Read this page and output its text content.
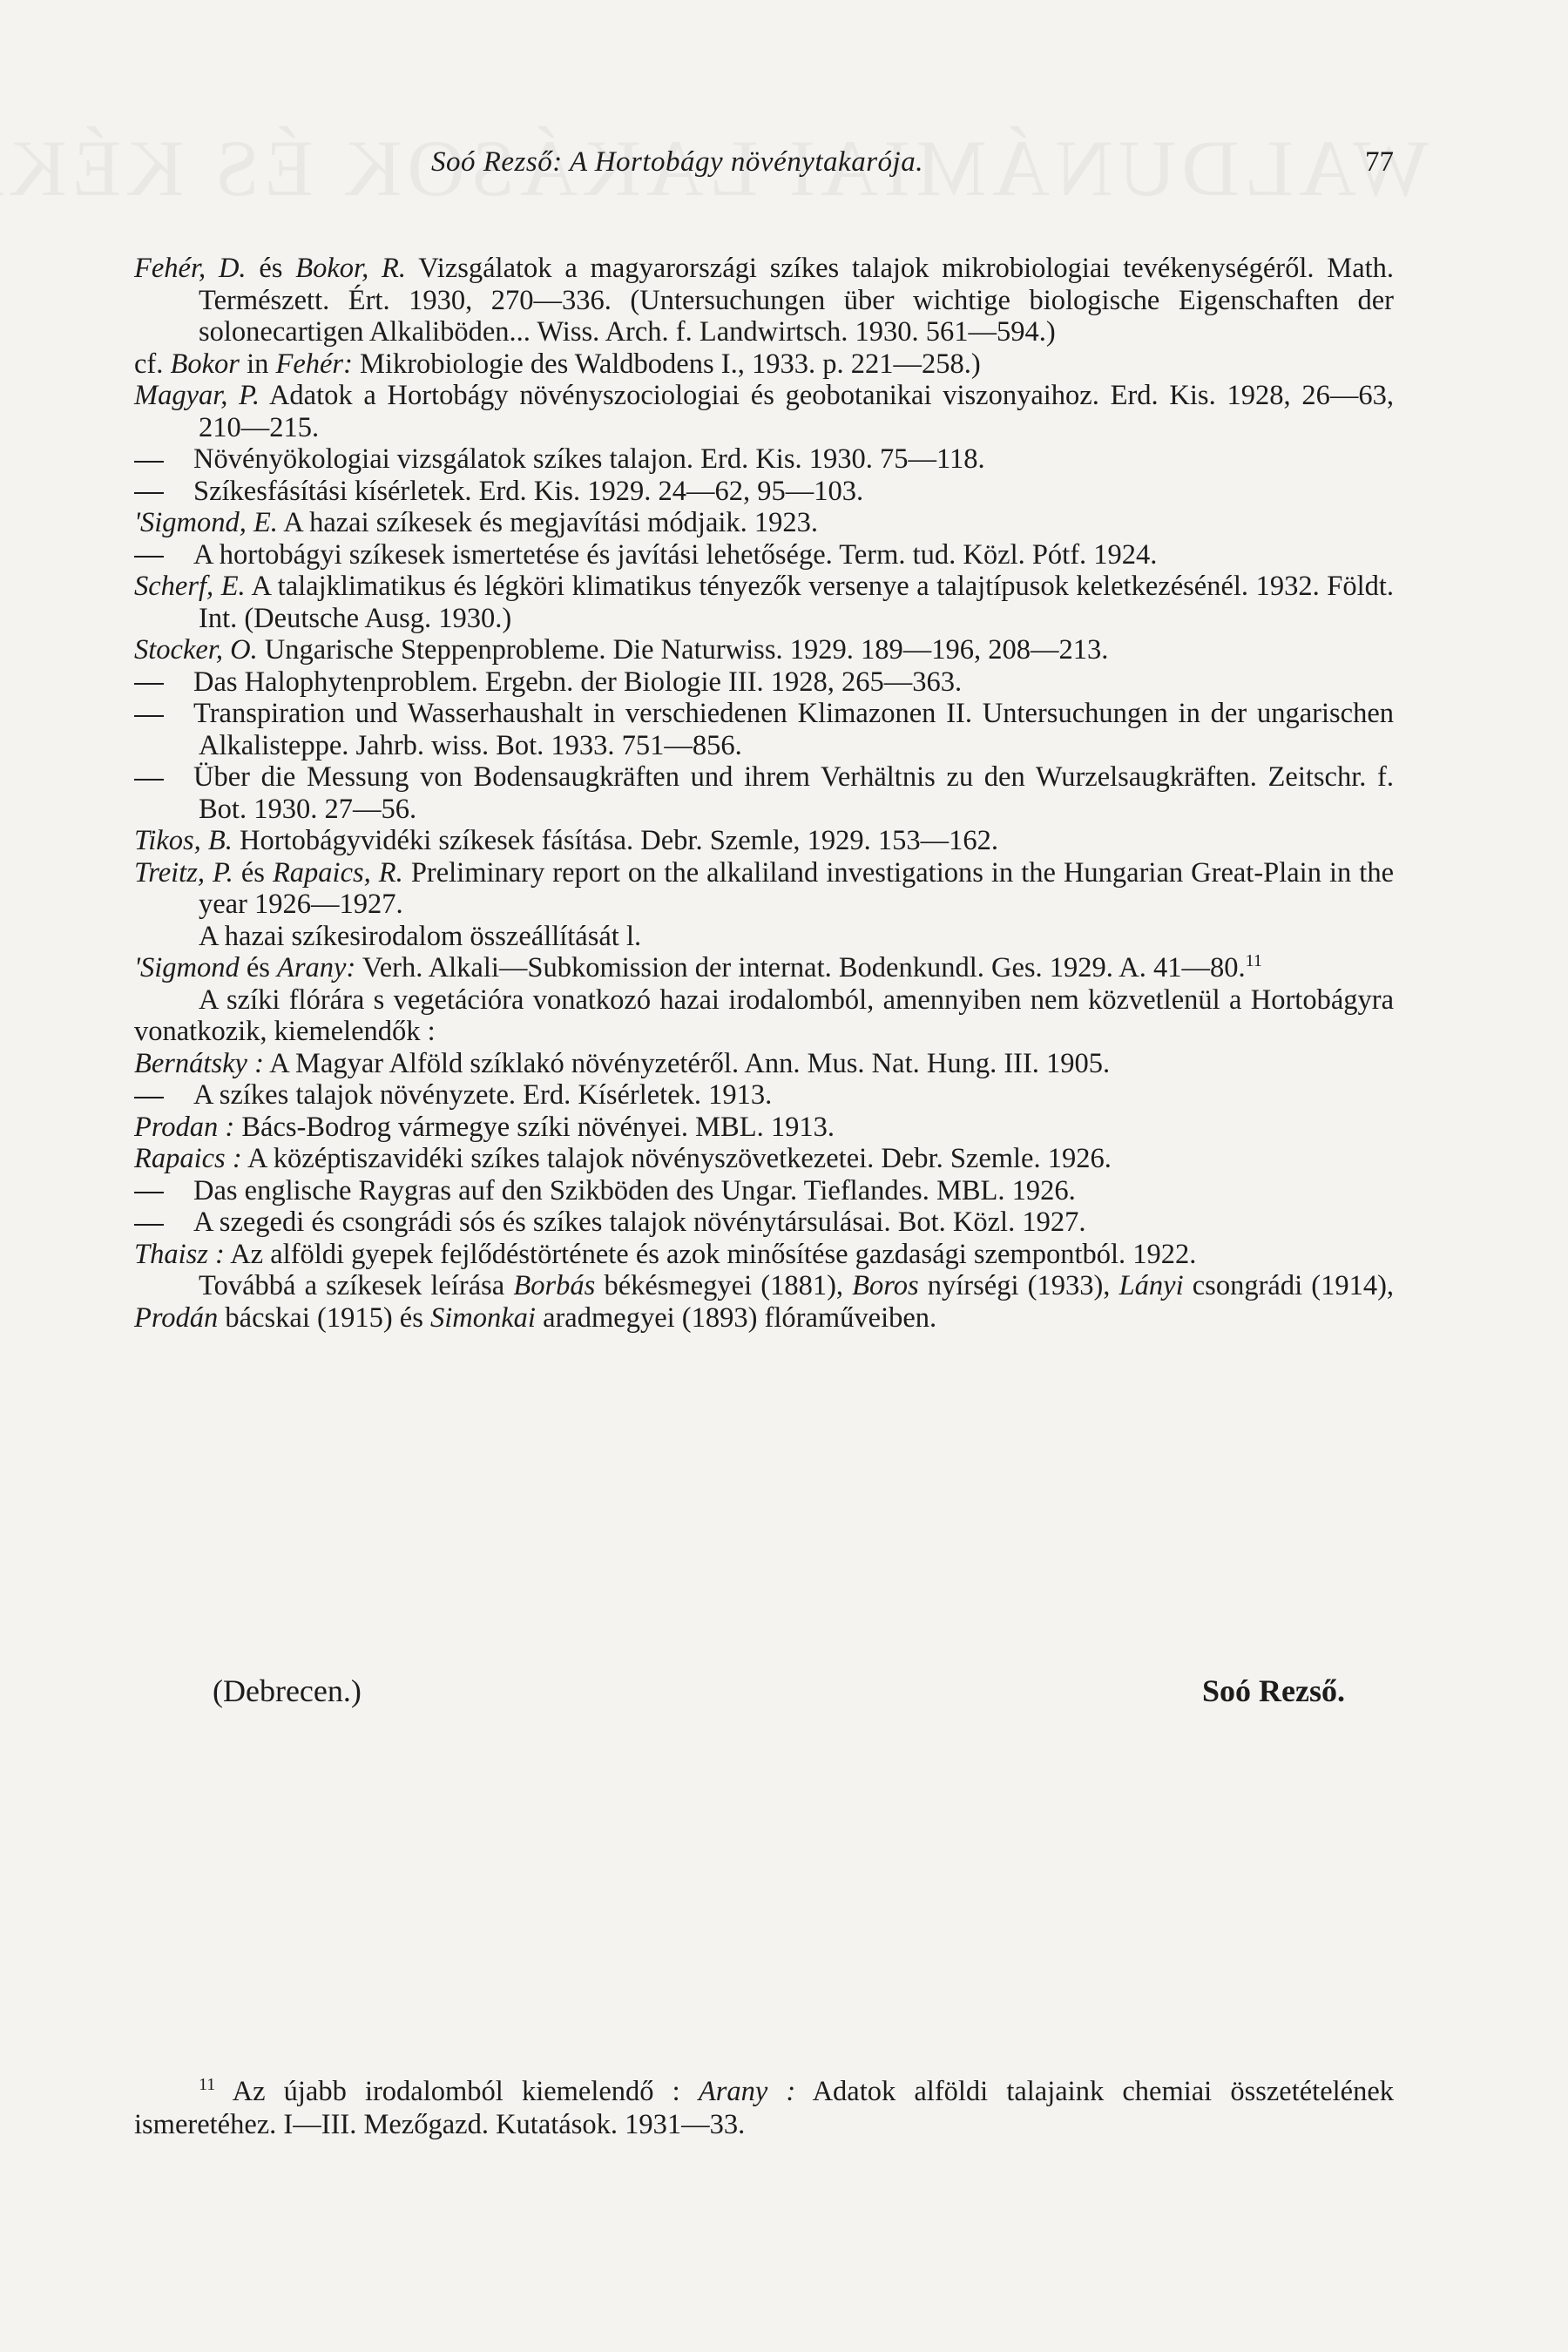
Soó Rezső: A Hortobágy növénytakarója.	77

Fehér, D. és Bokor, R. Vizsgálatok a magyarországi szíkes talajok mikrobiologiai tevékenységéről. Math. Természett. Ért. 1930, 270—336. (Untersuchungen über wichtige biologische Eigenschaften der solonecartigen Alkaliböden... Wiss. Arch. f. Landwirtsch. 1930. 561—594.)

cf. Bokor in Fehér: Mikrobiologie des Waldbodens I., 1933. p. 221—258.)

Magyar, P. Adatok a Hortobágy növényszociologiai és geobotanikai viszonyaihoz. Erd. Kis. 1928, 26—63, 210—215.

Növényökologiai vizsgálatok szíkes talajon. Erd. Kis. 1930. 75—118.

Szíkesfásítási kísérletek. Erd. Kis. 1929. 24—62, 95—103.

'Sigmond, E. A hazai szíkesek és megjavítási módjaik. 1923.

A hortobágyi szíkesek ismertetése és javítási lehetősége. Term. tud. Közl. Pótf. 1924.

Scherf, E. A talajklimatikus és légköri klimatikus tényezők versenye a talajtípusok keletkezésénél. 1932. Földt. Int. (Deutsche Ausg. 1930.)

Stocker, O. Ungarische Steppenprobleme. Die Naturwiss. 1929. 189—196, 208—213.

Das Halophytenproblem. Ergebn. der Biologie III. 1928, 265—363.

Transpiration und Wasserhaushalt in verschiedenen Klimazonen II. Untersuchungen in der ungarischen Alkalisteppe. Jahrb. wiss. Bot. 1933. 751—856.

Über die Messung von Bodensaugkräften und ihrem Verhältnis zu den Wurzelsaugkräften. Zeitschr. f. Bot. 1930. 27—56.

Tikos, B. Hortobágyvidéki szíkesek fásítása. Debr. Szemle, 1929. 153—162.

Treitz, P. és Rapaics, R. Preliminary report on the alkaliland investigations in the Hungarian Great-Plain in the year 1926—1927.

A hazai szíkesirodalom összeállítását l.

'Sigmond és Arany: Verh. Alkali—Subkomission der internat. Bodenkundl. Ges. 1929. A. 41—80.11

A szíki flórára s vegetációra vonatkozó hazai irodalomból, amennyiben nem közvetlenül a Hortobágyra vonatkozik, kiemelendők :

Bernátsky : A Magyar Alföld szíklakó növényzetéről. Ann. Mus. Nat. Hung. III. 1905.

A szíkes talajok növényzete. Erd. Kísérletek. 1913.

Prodan : Bács-Bodrog vármegye szíki növényei. MBL. 1913.

Rapaics : A középtiszavidéki szíkes talajok növényszövetkezetei. Debr. Szemle. 1926.

Das englische Raygras auf den Szikböden des Ungar. Tieflandes. MBL. 1926.

A szegedi és csongrádi sós és szíkes talajok növénytársulásai. Bot. Közl. 1927.

Thaisz : Az alföldi gyepek fejlődéstörténete és azok minősítése gazdasági szempontból. 1922.

Továbbá a szíkesek leírása Borbás békésmegyei (1881), Boros nyírségi (1933), Lányi csongrádi (1914), Prodán bácskai (1915) és Simonkai aradmegyei (1893) flóraműveiben.

(Debrecen.)	Soó Rezső.

$^{11}$ Az újabb irodalomból kiemelendő : Arany : Adatok alföldi talajaink chemiai összetételének ismeretéhez. I—III. Mezőgazd. Kutatások. 1931—33.
